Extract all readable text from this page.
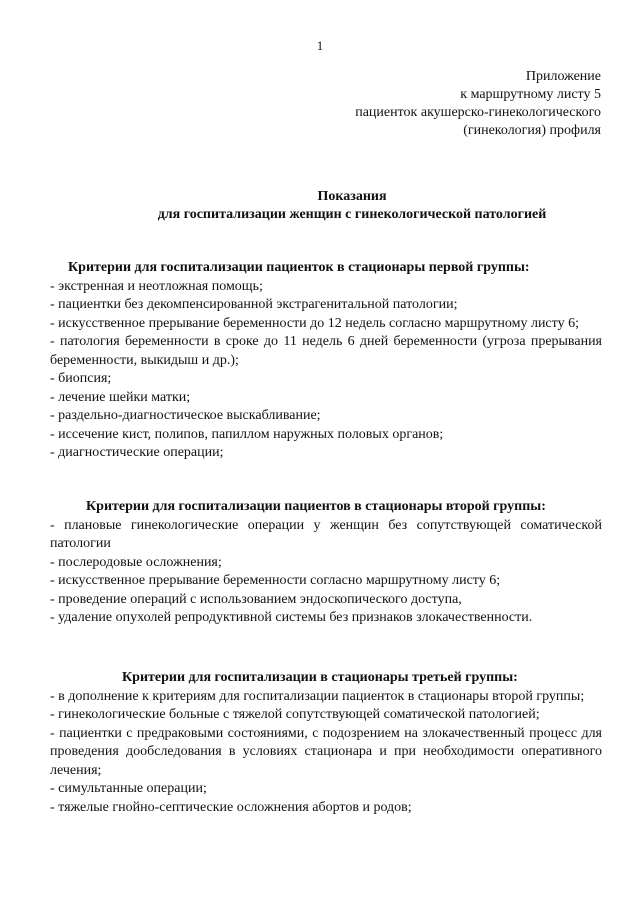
1
Приложение
к маршрутному листу 5
пациенток акушерско-гинекологического
(гинекология) профиля
Показания
для госпитализации женщин с гинекологической патологией
Критерии для госпитализации пациенток в стационары первой группы:
- экстренная и неотложная помощь;
- пациентки без декомпенсированной экстрагенитальной патологии;
- искусственное прерывание беременности до 12 недель согласно маршрутному листу 6;
- патология беременности в сроке до 11 недель 6 дней беременности (угроза прерывания беременности, выкидыш и др.);
- биопсия;
- лечение шейки матки;
- раздельно-диагностическое выскабливание;
- иссечение кист, полипов, папиллом наружных половых органов;
- диагностические операции;
Критерии для госпитализации пациентов в стационары второй группы:
- плановые гинекологические операции у женщин без сопутствующей соматической патологии
- послеродовые осложнения;
- искусственное прерывание беременности согласно маршрутному листу 6;
- проведение операций с использованием эндоскопического доступа,
- удаление опухолей репродуктивной системы без признаков злокачественности.
Критерии для госпитализации в стационары третьей группы:
- в дополнение к критериям для госпитализации пациенток в стационары второй группы;
- гинекологические больные с тяжелой сопутствующей соматической патологией;
- пациентки с предраковыми состояниями, с подозрением на злокачественный процесс для проведения дообследования в условиях стационара и при необходимости оперативного лечения;
- симультанные операции;
- тяжелые гнойно-септические осложнения абортов и родов;
